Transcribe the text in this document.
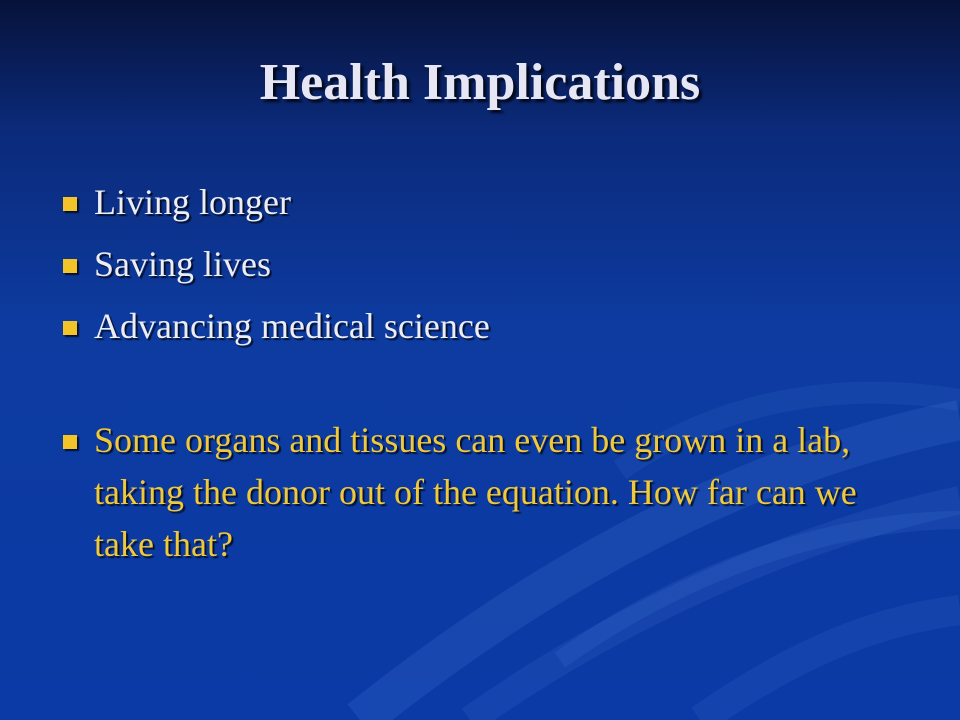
Health Implications
Living longer
Saving lives
Advancing medical science
Some organs and tissues can even be grown in a lab, taking the donor out of the equation. How far can we take that?
